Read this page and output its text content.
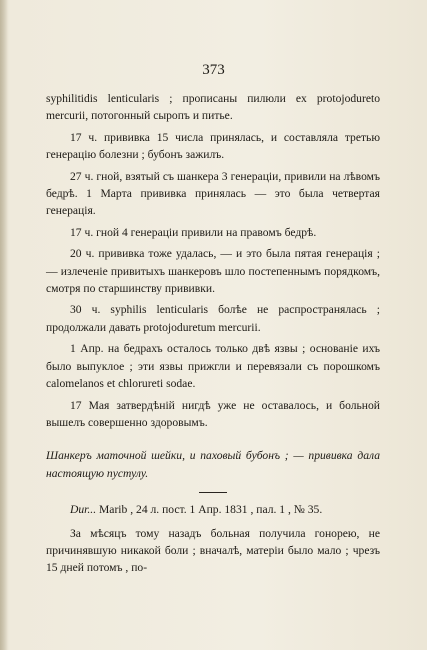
373

syphilitidis lenticularis ; прописаны пилюли ex protojodureto mercurii, потогонный сыропъ и питье.

17 ч. прививка 15 числа принялась, и составляла третью генерацію болезни ; бубонъ зажилъ.

27 ч. гной, взятый съ шанкера 3 генераціи, привили на лѣвомъ бедрѣ. 1 Марта прививка принялась — это была четвертая генерація.

17 ч. гной 4 генераціи привили на правомъ бедрѣ.

20 ч. прививка тоже удалась, — и это была пятая генерація ; — излеченіе привитыхъ шанкеровъ шло постепеннымъ порядкомъ, смотря по старшинству прививки.

30 ч. syphilis lenticularis болѣе не распространялась ; продолжали давать protojoduretum mercurii.

1 Апр. на бедрахъ осталось только двѣ язвы ; основаніе ихъ было выпуклое ; эти язвы прижгли и перевязали съ порошкомъ calomelanos et chloruretі sodae.

17 Мая затвердѣній нигдѣ уже не оставалось, и больной вышелъ совершенно здоровымъ.

Шанкеръ маточной шейки, и паховый бубонъ ; — прививка дала настоящую пустулу.

Dur... Marib , 24 л. пост. 1 Апр. 1831 , пал. 1 , № 35.

За мѣсяцъ тому назадъ больная получила гонорею, не причинявшую никакой боли ; вначалѣ, матеріи было мало ; чрезъ 15 дней потомъ , по-
